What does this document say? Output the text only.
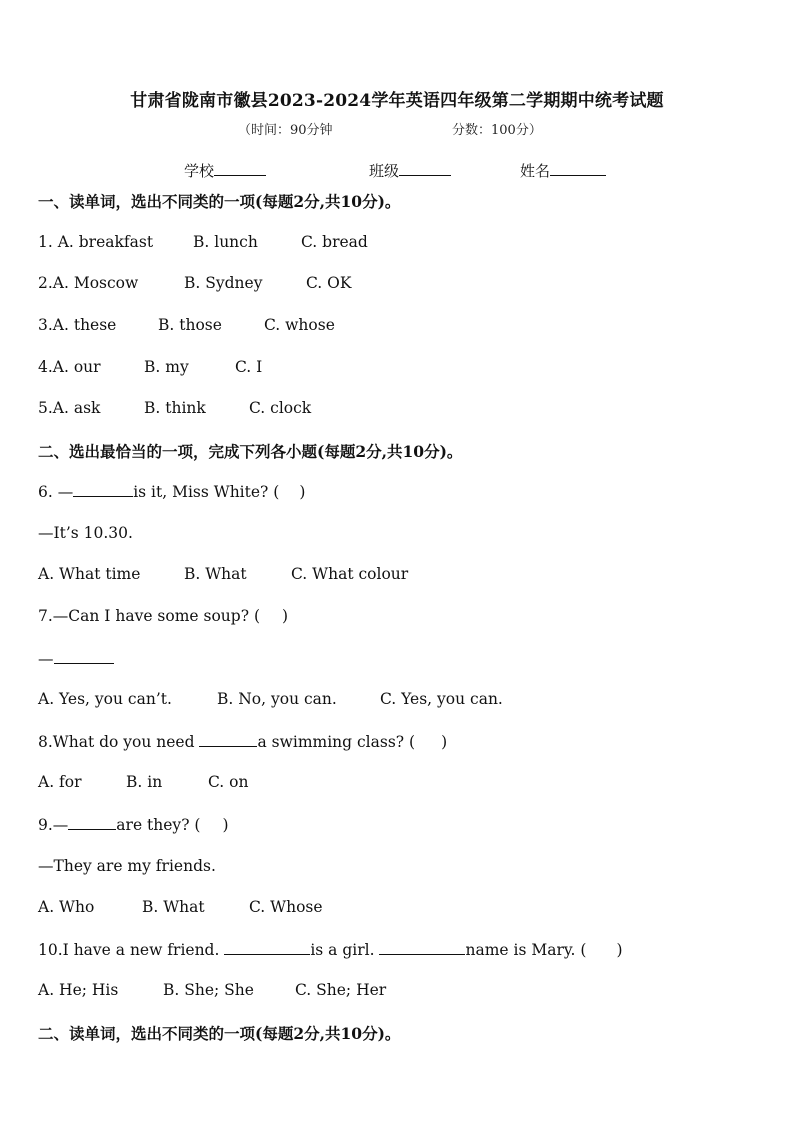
甘肃省陇南市徽县2023-2024学年英语四年级第二学期期中统考试题
（时间：90分钟	分数：100分）
学校	班级	姓名
一、读单词，选出不同类的一项(每题2分,共10分)。
1. A. breakfast	B. lunch	C. bread
2.A. Moscow	B. Sydney	C. OK
3.A. these	B. those	C. whose
4.A. our	B. my	C. I
5.A. ask	B. think	C. clock
二、选出最恰当的一项，完成下列各小题(每题2分,共10分)。
6. —	is it, Miss White? ( )
—It’s 10.30.
A. What time	B. What	C. What colour
7.—Can I have some soup? ( )
—
A. Yes, you can’t.	B. No, you can.	C. Yes, you can.
8.What do you need	a swimming class? ( )
A. for	B. in	C. on
9.—	are they? ( )
—They are my friends.
A. Who	B. What	C. Whose
10.I have a new friend.	is a girl.	name is Mary. ( )
A. He; His	B. She; She	C. She; Her
二、读单词，选出不同类的一项(每题2分,共10分)。
